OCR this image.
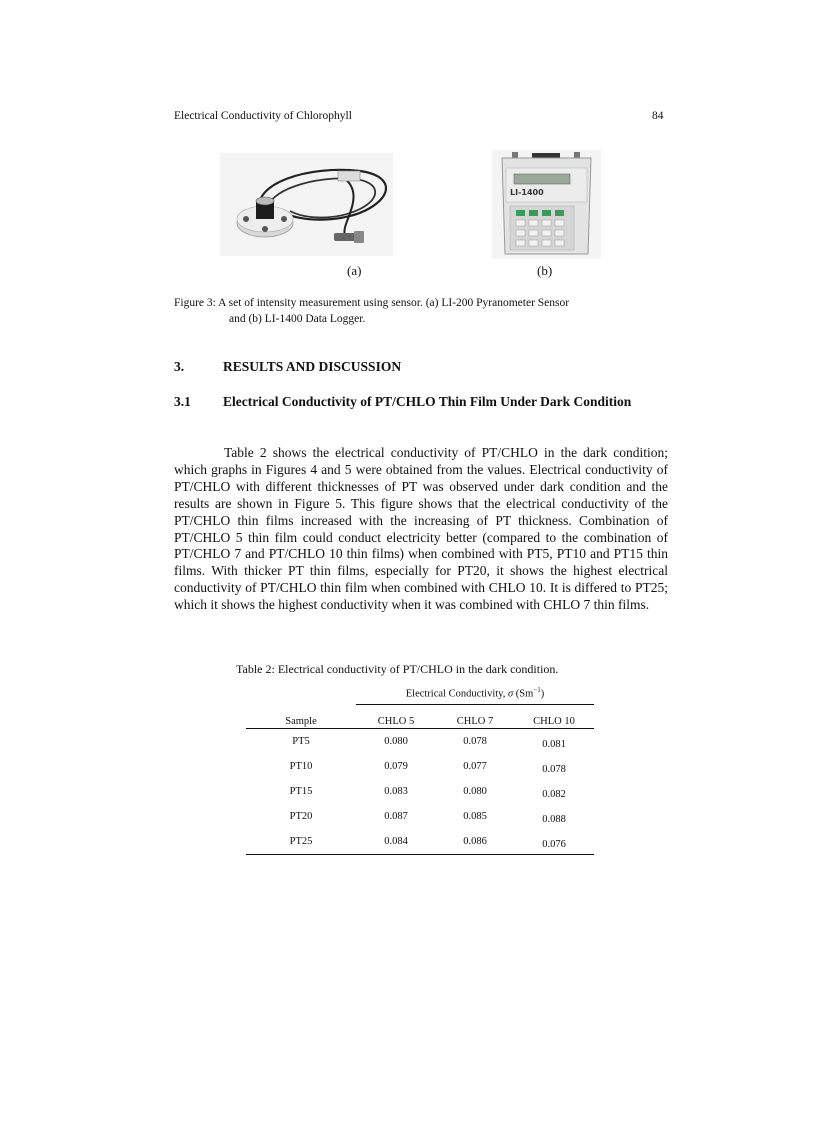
Electrical Conductivity of Chlorophyll	84
LI-1400
(a)	(b)
Figure 3: A set of intensity measurement using sensor. (a) LI-200 Pyranometer Sensor
and (b) LI-1400 Data Logger.
3.	RESULTS AND DISCUSSION
3.1 Electrical Conductivity of PT/CHLO Thin Film Under Dark Condition

Table 2 shows the electrical conductivity of PT/CHLO in the dark condition; which graphs in Figures 4 and 5 were obtained from the values. Electrical conductivity of PT/CHLO with different thicknesses of PT was observed under dark condition and the results are shown in Figure 5. This figure shows that the electrical conductivity of the PT/CHLO thin films increased with the increasing of PT thickness. Combination of PT/CHLO 5 thin film could conduct electricity better (compared to the combination of PT/CHLO 7 and PT/CHLO 10 thin films) when combined with PT5, PT10 and PT15 thin films. With thicker PT thin films, especially for PT20, it shows the highest electrical conductivity of PT/CHLO thin film when combined with CHLO 10. It is differed to PT25; which it shows the highest conductivity when it was combined with CHLO 7 thin films.

Table 2: Electrical conductivity of PT/CHLO in the dark condition.
	Electrical Conductivity, σ $(Sm^{-1})$		
Sample	CHLO 5	CHLO 7	CHLO 10
PT5	0.080	0.078	0.081
PT10	0.079	0.077	0.078
PT15	0.083	0.080	0.082
PT20	0.087	0.085	0.088
PT25	0.084	0.086	0.076
